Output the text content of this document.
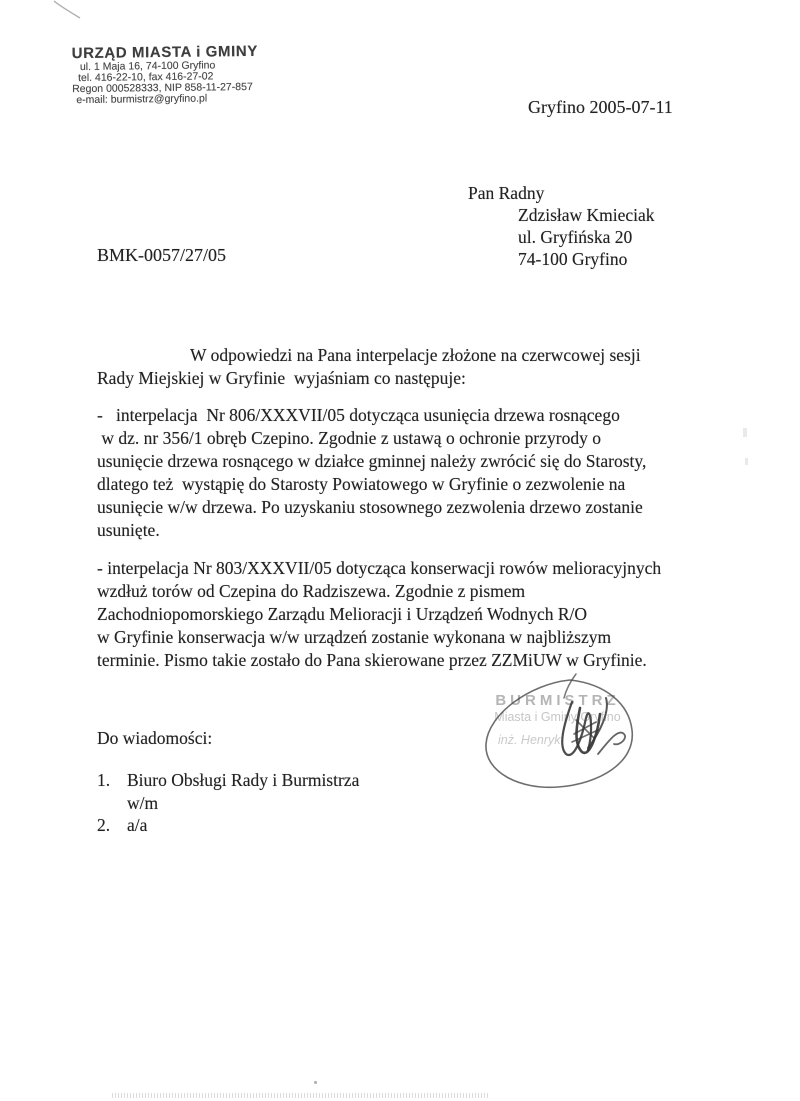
URZĄD MIASTA i GMINY
ul. 1 Maja 16, 74-100 Gryfino
tel. 416-22-10, fax 416-27-02
Regon 000528333, NIP 858-11-27-857
e-mail: burmistrz@gryfino.pl	Gryfino 2005-07-11
Pan Radny
Zdzisław Kmieciak
ul. Gryfińska 20
74-100 Gryfino
BMK-0057/27/05
W odpowiedzi na Pana interpelacje złożone na czerwcowej sesji
Rady Miejskiej w Gryfinie  wyjaśniam co następuje:
-   interpelacja  Nr 806/XXXVII/05 dotycząca usunięcia drzewa rosnącego
w dz. nr 356/1 obręb Czepino. Zgodnie z ustawą o ochronie przyrody o
usunięcie drzewa rosnącego w działce gminnej należy zwrócić się do Starosty,
dlatego też  wystąpię do Starosty Powiatowego w Gryfinie o zezwolenie na
usunięcie w/w drzewa. Po uzyskaniu stosownego zezwolenia drzewo zostanie
usunięte.
- interpelacja Nr 803/XXXVII/05 dotycząca konserwacji rowów melioracyjnych
wzdłuż torów od Czepina do Radziszewa. Zgodnie z pismem
Zachodniopomorskiego Zarządu Melioracji i Urządzeń Wodnych R/O
w Gryfinie konserwacja w/w urządzeń zostanie wykonana w najbliższym
terminie. Pismo takie zostało do Pana skierowane przez ZZMiUW w Gryfinie.
BURMISTRZ
Miasta i Gminy Gryfino
inż. Henryk
Do wiadomości:
1. Biuro Obsługi Rady i Burmistrza
w/m
2. a/a
